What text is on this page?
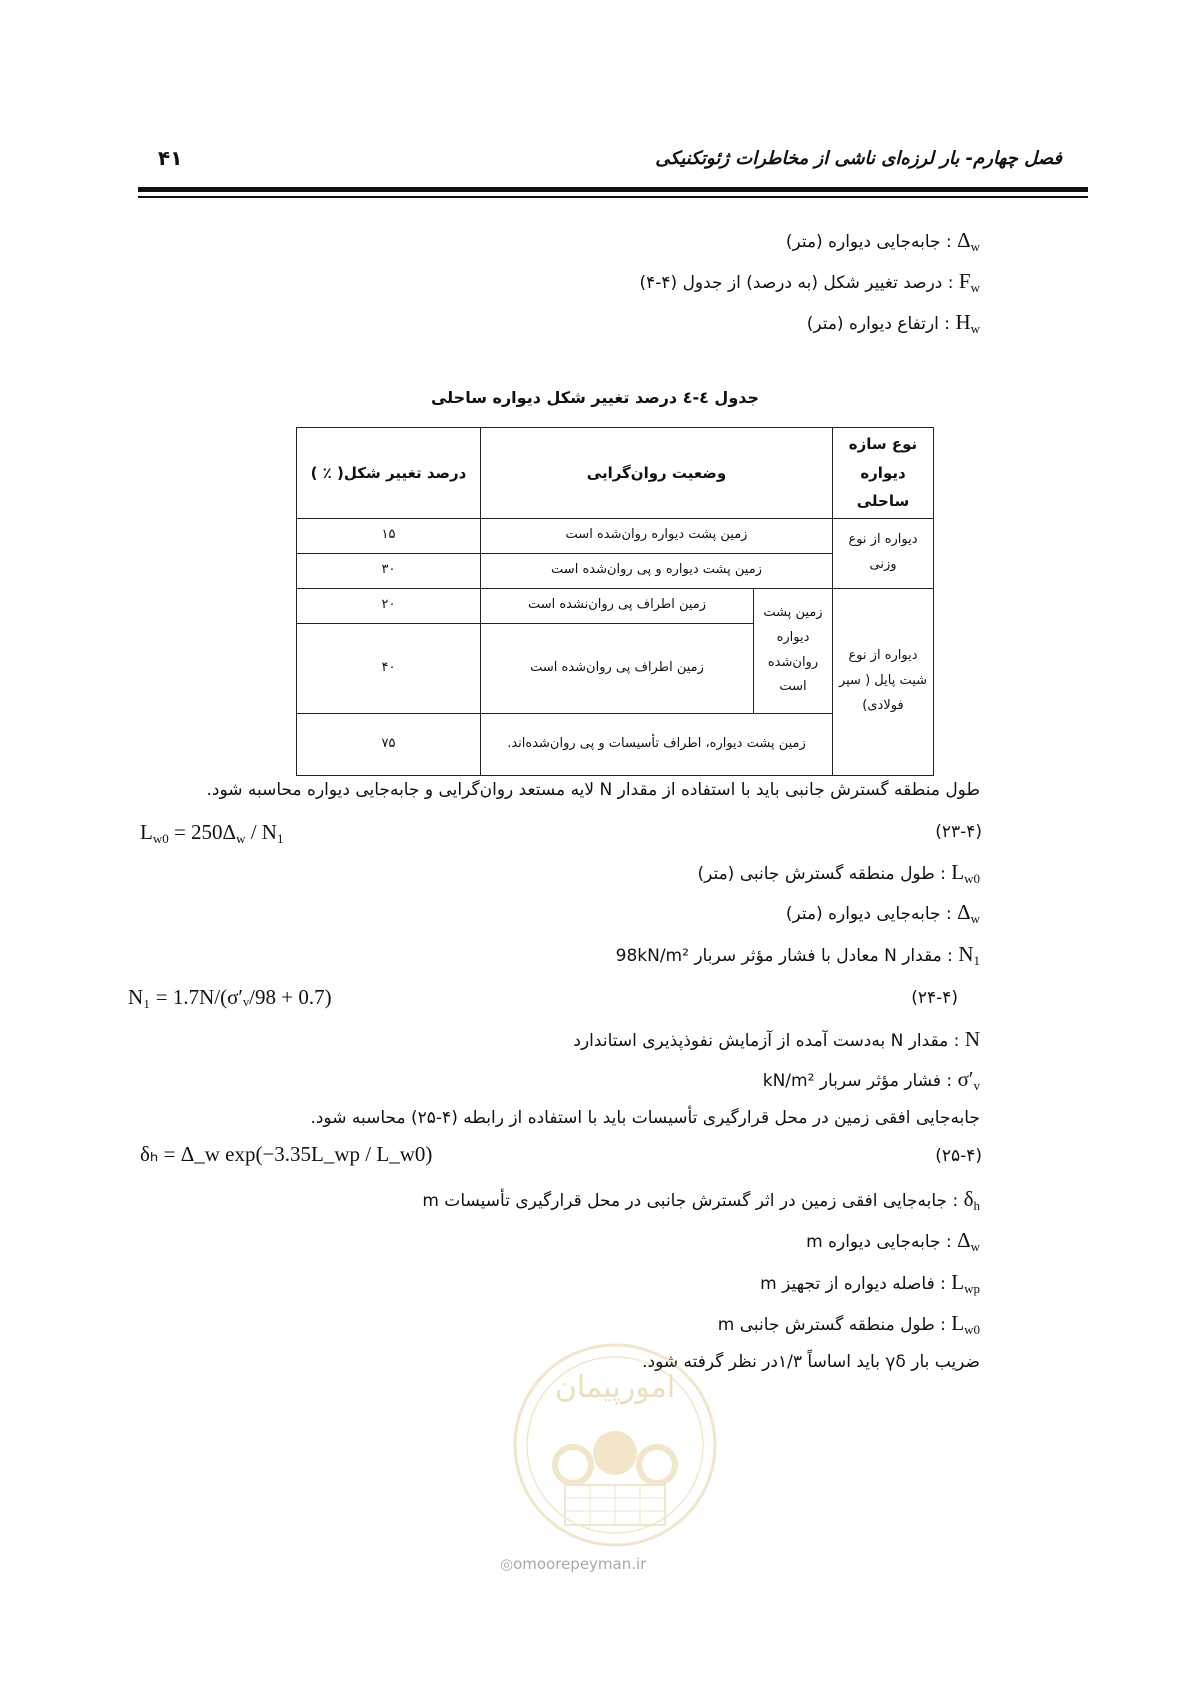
۴۱	فصل چهارم- بار لرزه‌ای ناشی از مخاطرات ژئوتکنیکی
$\Delta_w$ : جابه‌جایی دیواره (متر)
$F_w$ : درصد تغییر شکل (به درصد) از جدول (۴-۴)
$H_w$ : ارتفاع دیواره (متر)
جدول ٤-٤ درصد تغییر شکل دیواره ساحلی
نوع سازه دیواره ساحلی	وضعیت روان‌گرایی		درصد تغییر شکل( ٪ )
دیواره از نوع وزنی	زمین پشت دیواره روان‌شده است		۱۵
	زمین پشت دیواره و پی روان‌شده است		۳۰
دیواره از نوع شیت پایل ( سپر فولادی)	زمین پشت دیواره روان‌شده است	زمین اطراف پی روان‌نشده است	۲۰
		زمین اطراف پی روان‌شده است	۴۰
	زمین پشت دیواره، اطراف تأسیسات و پی روان‌شده‌اند.		۷۵
طول منطقه گسترش جانبی باید با استفاده از مقدار N لایه مستعد روان‌گرایی و جابه‌جایی دیواره محاسبه شود.
$L_{w0} = 250\Delta_w / N_1$	(۲۳-۴)
$L_{w0}$ : طول منطقه گسترش جانبی (متر)
$\Delta_w$ : جابه‌جایی دیواره (متر)
$N_1$ : مقدار N معادل با فشار مؤثر سربار 98kN/m²
N₁ = 1.7N/(σ′ᵥ/98 + 0.7)	(۲۴-۴)
N : مقدار N به‌دست آمده از آزمایش نفوذپذیری استاندارد
$\sigma'_v$ : فشار مؤثر سربار kN/m²
جابه‌جایی افقی زمین در محل قرارگیری تأسیسات باید با استفاده از رابطه (۴-۲۵) محاسبه شود.
δₕ = Δ_w exp(−3.35L_wp / L_w0)	(۲۵-۴)
$\delta_h$ : جابه‌جایی افقی زمین در اثر گسترش جانبی در محل قرارگیری تأسیسات m
$\Delta_w$ : جابه‌جایی دیواره m
$L_{wp}$ : فاصله دیواره از تجهیز m
$L_{w0}$ : طول منطقه گسترش جانبی m
ضریب بار γδ باید اساساً ۱/۳در نظر گرفته شود.
امورپیمان
◎omoorepeyman.ir
